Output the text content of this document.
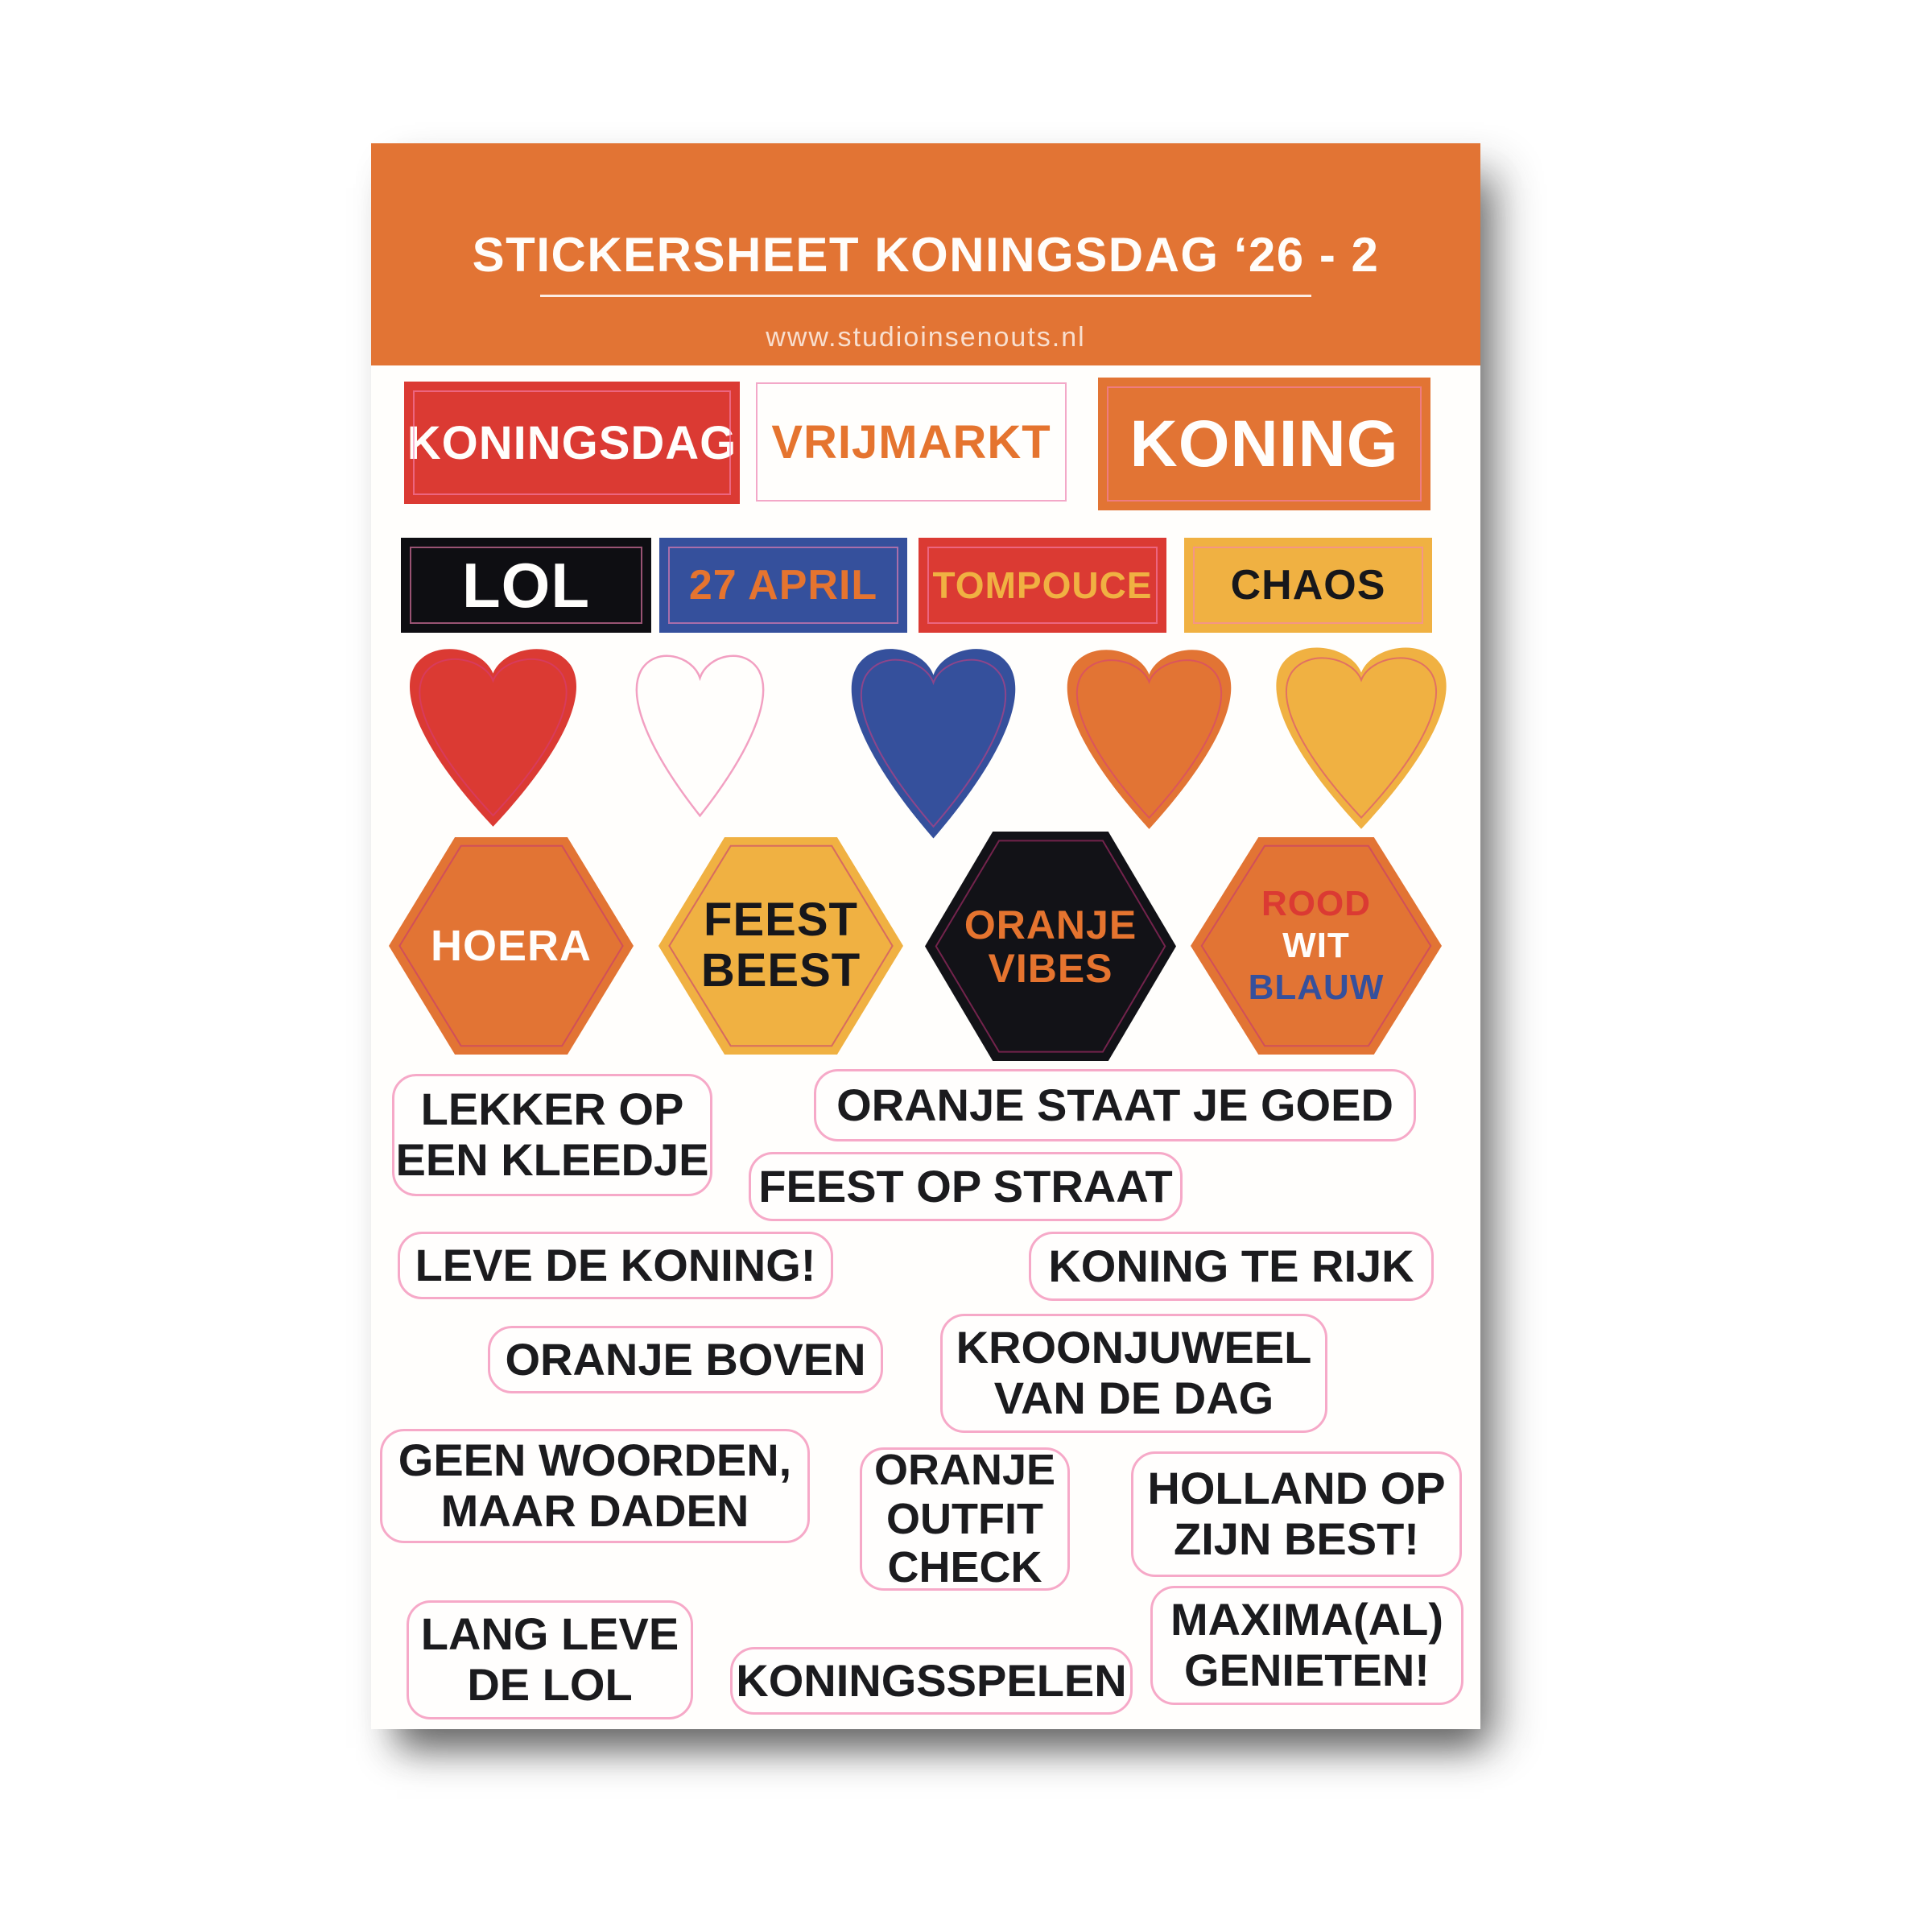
STICKERSHEET KONINGSDAG ‘26 - 2
www.studioinsenouts.nl
KONINGSDAG VRIJMARKT KONING
LOL 27 APRIL TOMPOUCE CHAOS
HOERA FEEST
BEEST
ORANJE
VIBES
ROOD
WIT
BLAUW
LEKKER OP
EEN KLEEDJE
ORANJE STAAT JE GOED
FEEST OP STRAAT
LEVE DE KONING!	KONING TE RIJK
ORANJE BOVEN KROONJUWEEL
VAN DE DAG
GEEN WOORDEN,
MAAR DADEN
ORANJE
OUTFIT
CHECK
HOLLAND OP
ZIJN BEST!
LANG LEVE
DE LOL KONINGSSPELEN
MAXIMA(AL)
GENIETEN!
